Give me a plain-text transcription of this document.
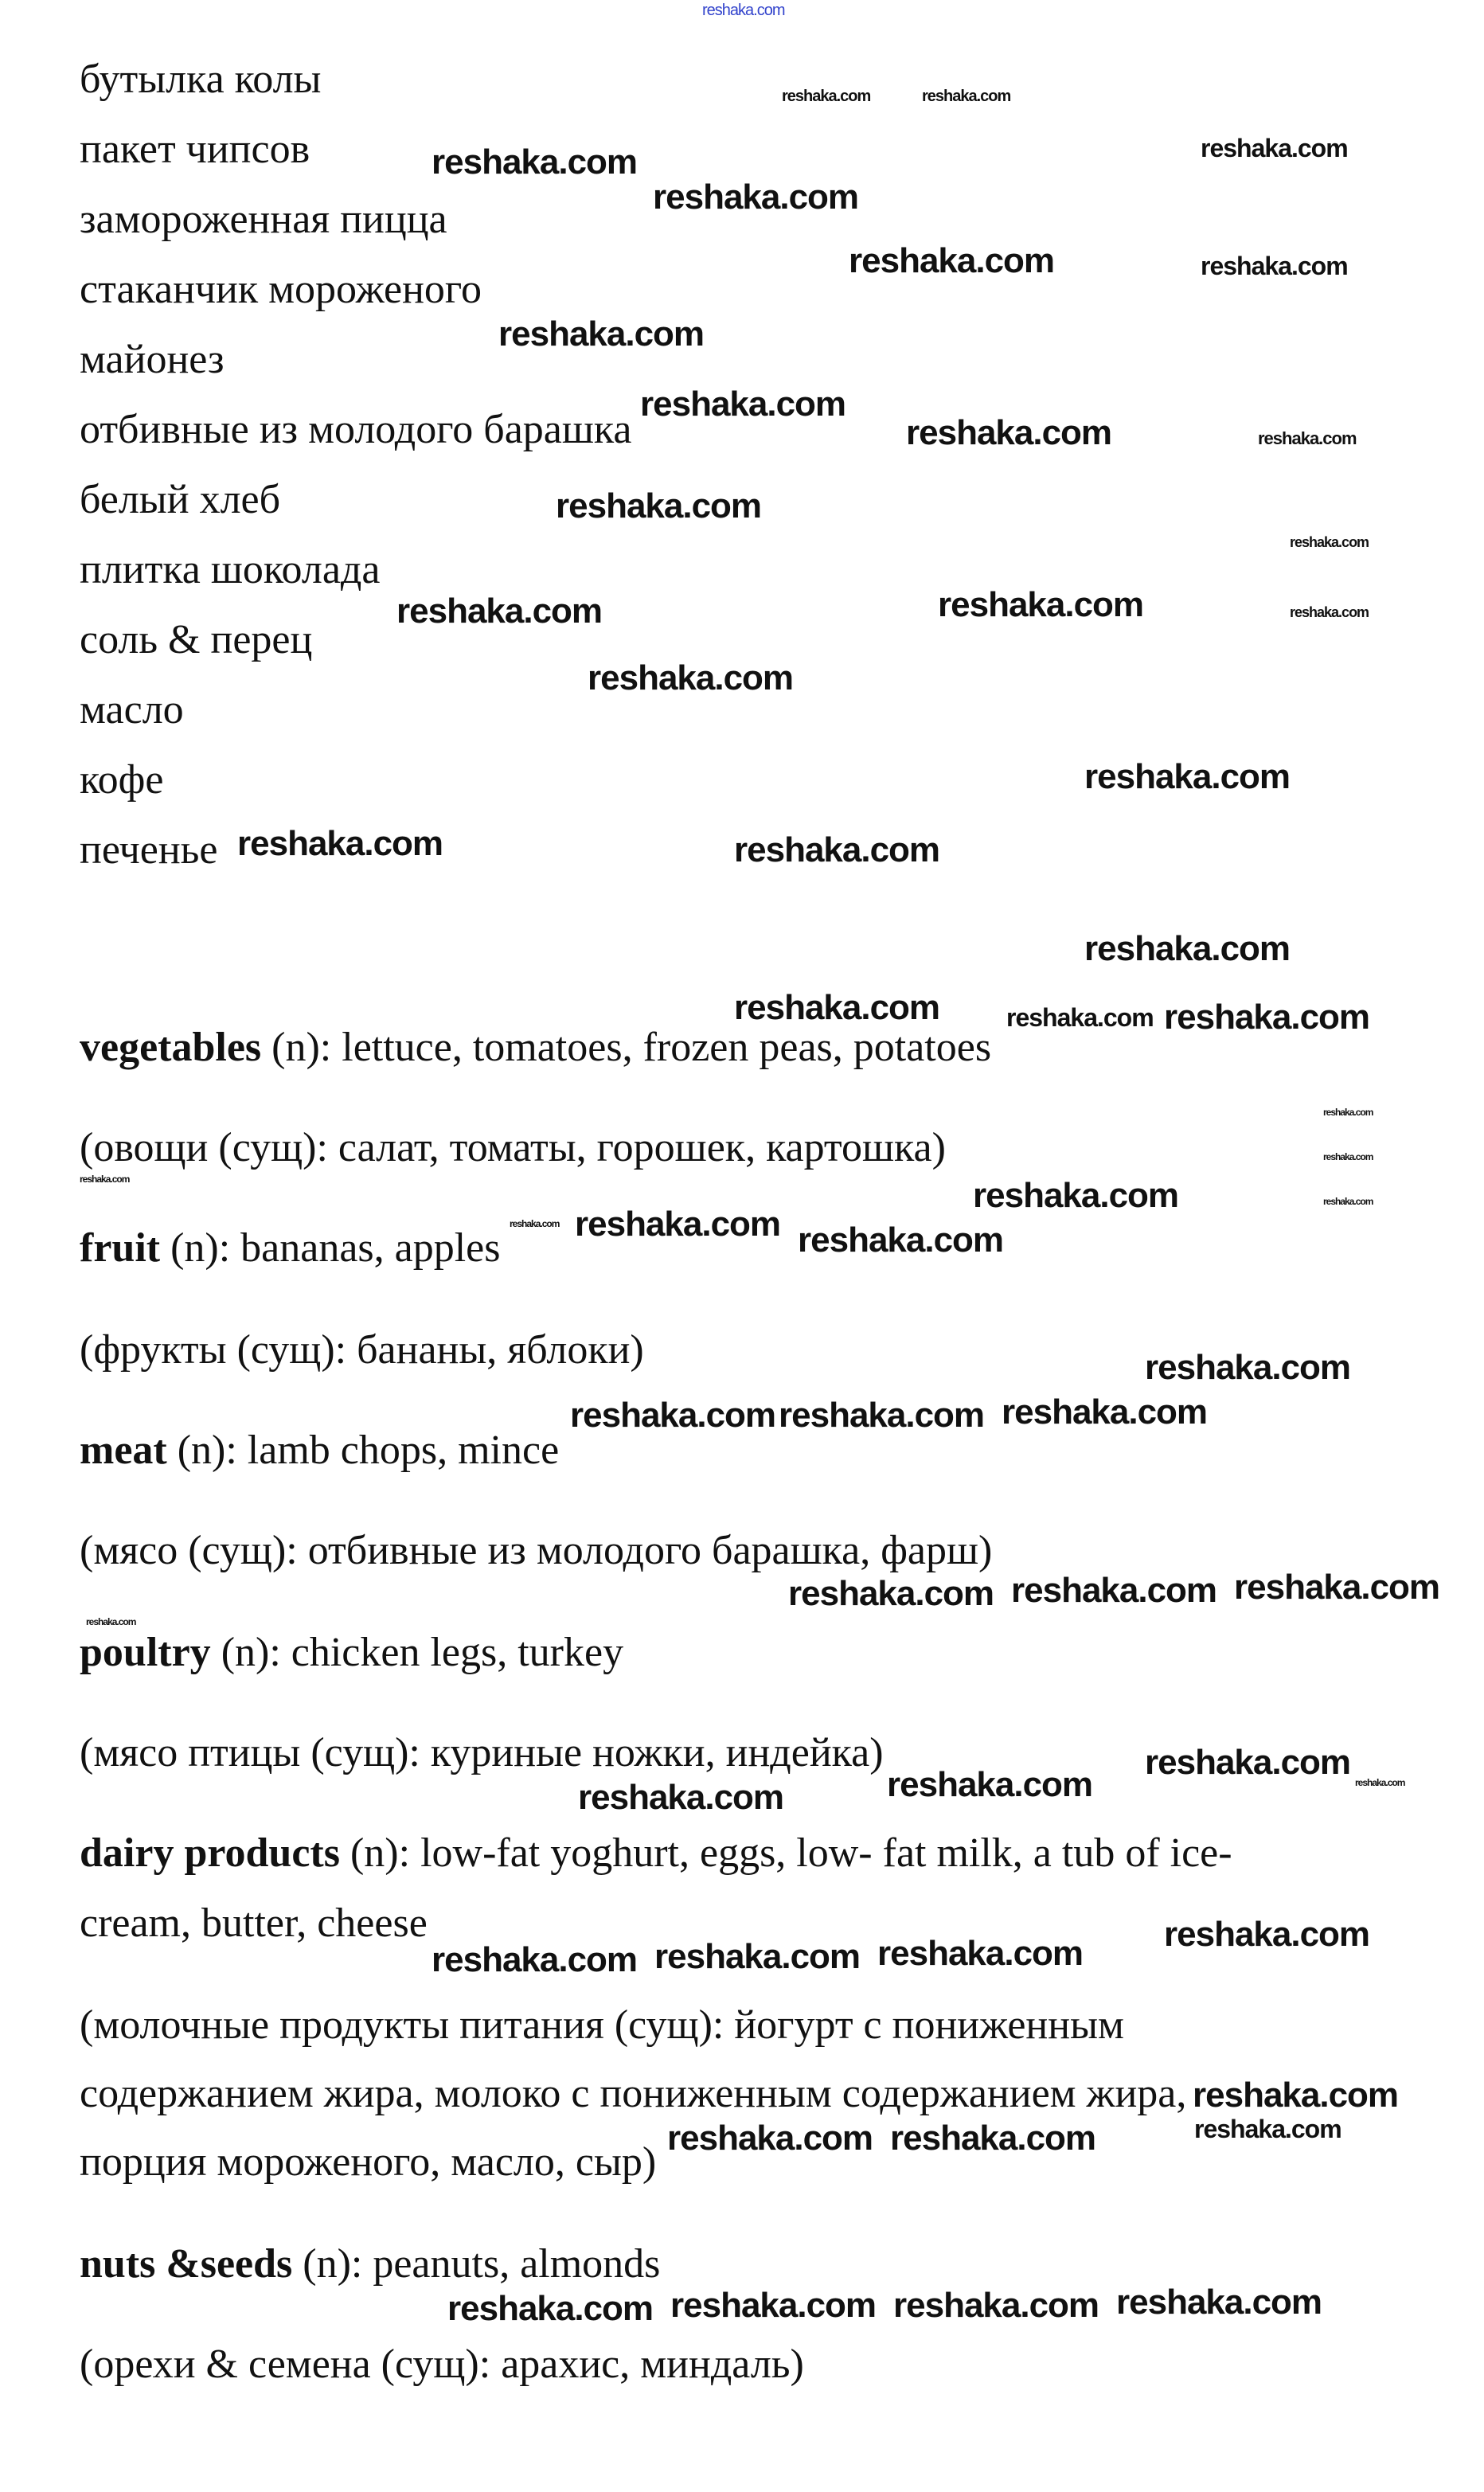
бутылка колы
пакет чипсов
замороженная пицца
стаканчик мороженого
майонез
отбивные из молодого барашка
белый хлеб
плитка шоколада
соль & перец
масло
кофе
печенье
vegetables (n): lettuce, tomatoes, frozen peas, potatoes
(овощи (сущ): салат, томаты, горошек, картошка)
fruit (n): bananas, apples
(фрукты (сущ): бананы, яблоки)
meat (n): lamb chops, mince
(мясо (сущ): отбивные из молодого барашка, фарш)
poultry (n): chicken legs, turkey
(мясо птицы (сущ): куриные ножки, индейка)
dairy products (n): low-fat yoghurt, eggs, low- fat milk, a tub of ice-
cream, butter, cheese
(молочные продукты питания (сущ): йогурт с пониженным
содержанием жира, молоко с пониженным содержанием жира,
порция мороженого, масло, сыр)
nuts &seeds (n): peanuts, almonds
(орехи & семена (сущ): арахис, миндаль)
reshaka.com
reshaka.com	reshaka.com
reshaka.com
reshaka.com
reshaka.com
reshaka.com	reshaka.com
reshaka.com
reshaka.com
reshaka.com	reshaka.com
reshaka.com
reshaka.com
reshaka.com	reshaka.com	reshaka.com
reshaka.com
reshaka.com
reshaka.com	reshaka.com
reshaka.com
reshaka.com reshaka.com
reshaka.com
reshaka.com
reshaka.com
reshaka.com
reshaka.com	reshaka.com
reshaka.com reshaka.com reshaka.com
reshaka.com
reshaka.com reshaka.com reshaka.com
reshaka.com reshaka.com
reshaka.com
reshaka.com
reshaka.com
reshaka.com
reshaka.com	reshaka.com
reshaka.com
reshaka.com reshaka.com reshaka.com
reshaka.com
reshaka.com reshaka.com
reshaka.com
reshaka.com reshaka.com reshaka.com
reshaka.com
